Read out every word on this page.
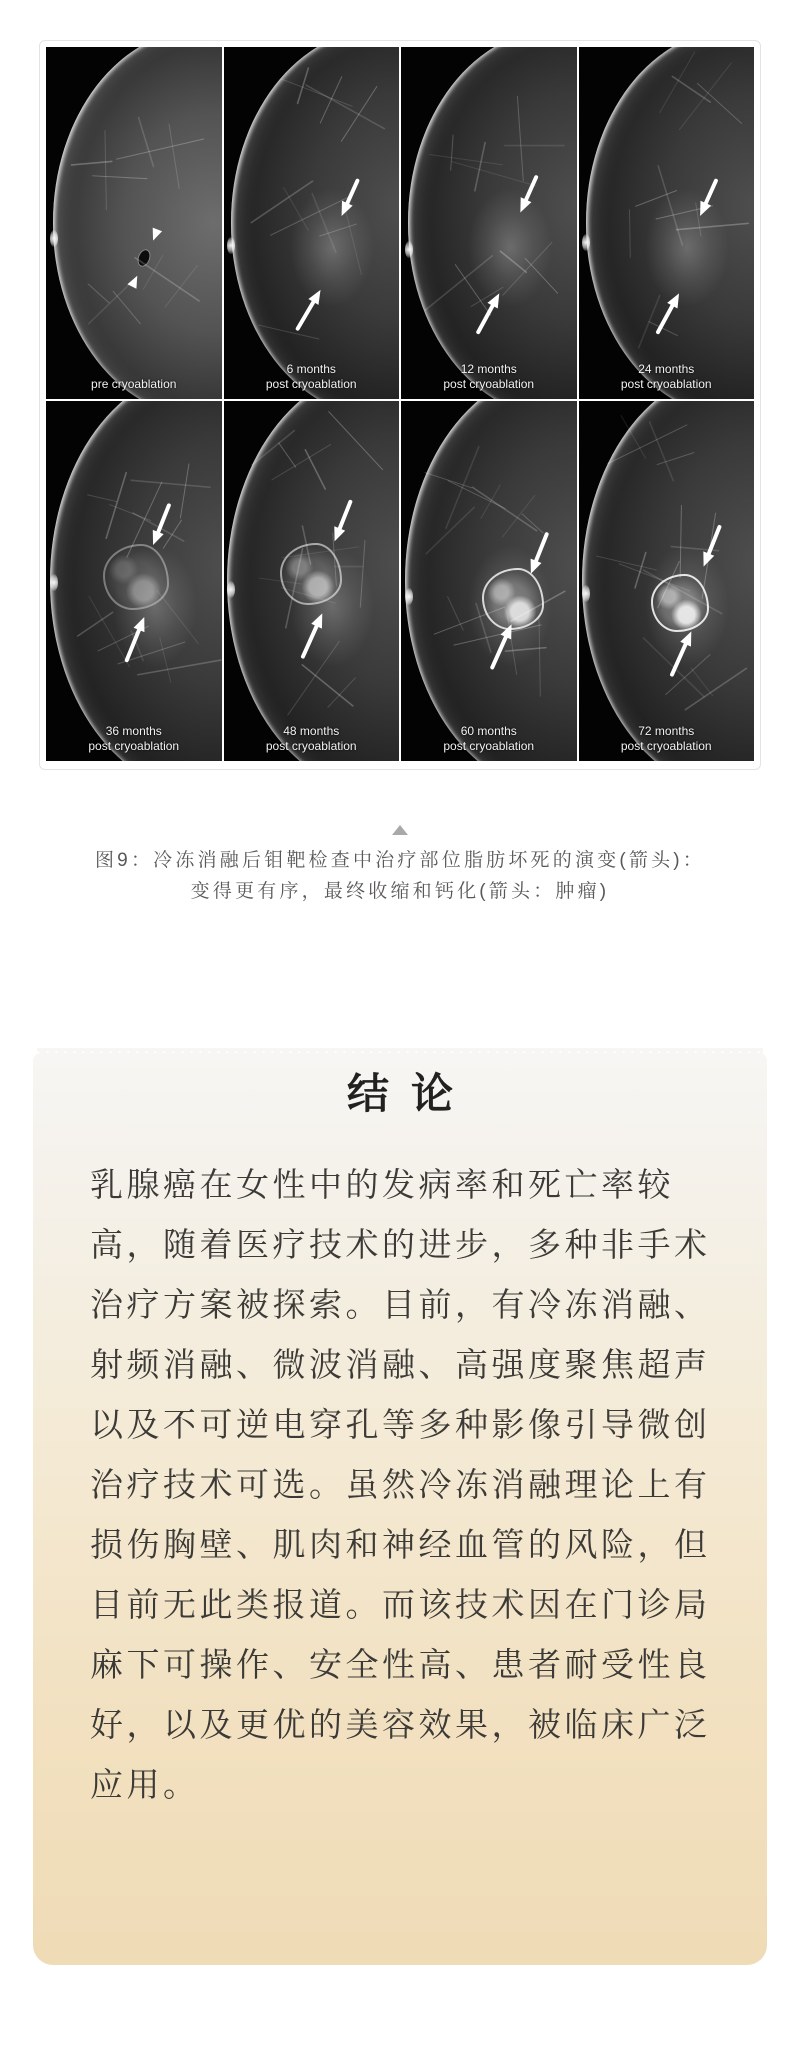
pre cryoablation
6 months
post cryoablation
12 months
post cryoablation
24 months
post cryoablation
36 months
post cryoablation
48 months
post cryoablation
60 months
post cryoablation
72 months
post cryoablation
图9：冷冻消融后钼靶检查中治疗部位脂肪坏死的演变(箭头)：
变得更有序，最终收缩和钙化(箭头：肿瘤)
结论
乳腺癌在女性中的发病率和死亡率较
高，随着医疗技术的进步，多种非手术
治疗方案被探索。目前，有冷冻消融、
射频消融、微波消融、高强度聚焦超声
以及不可逆电穿孔等多种影像引导微创
治疗技术可选。虽然冷冻消融理论上有
损伤胸壁、肌肉和神经血管的风险，但
目前无此类报道。而该技术因在门诊局
麻下可操作、安全性高、患者耐受性良
好，以及更优的美容效果，被临床广泛
应用。
